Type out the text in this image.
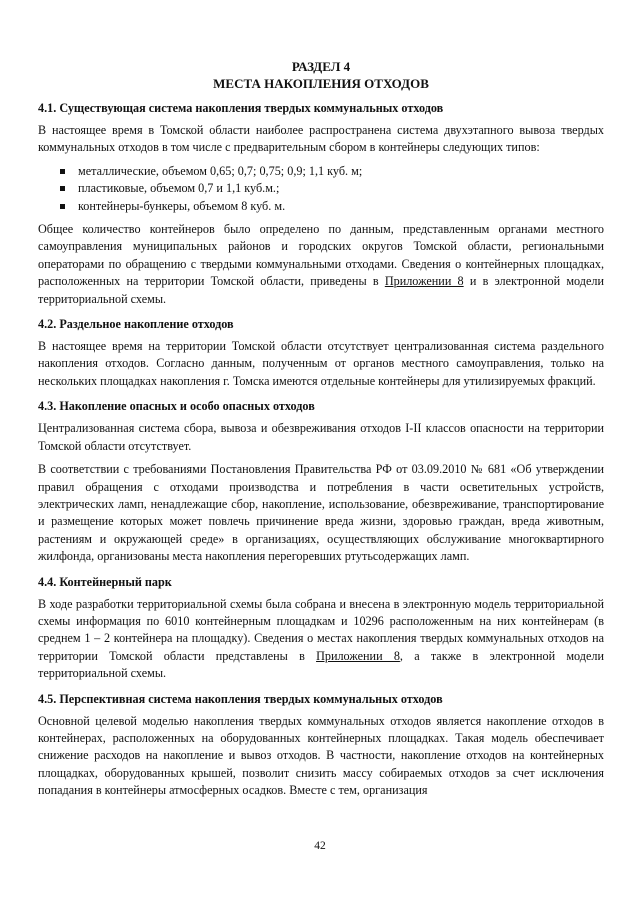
РАЗДЕЛ 4
МЕСТА НАКОПЛЕНИЯ ОТХОДОВ
4.1. Существующая система накопления твердых коммунальных отходов

В настоящее время в Томской области наиболее распространена система двухэтапного вывоза твердых коммунальных отходов в том числе с предварительным сбором в контейнеры следующих типов:

металлические, объемом 0,65; 0,7; 0,75; 0,9; 1,1 куб. м;
пластиковые, объемом 0,7 и 1,1 куб.м.;
контейнеры-бункеры, объемом 8 куб. м.

Общее количество контейнеров было определено по данным, представленным органами местного самоуправления муниципальных районов и городских округов Томской области, региональными операторами по обращению с твердыми коммунальными отходами. Сведения о контейнерных площадках, расположенных на территории Томской области, приведены в Приложении 8 и в электронной модели территориальной схемы.

4.2. Раздельное накопление отходов

В настоящее время на территории Томской области отсутствует централизованная система раздельного накопления отходов. Согласно данным, полученным от органов местного самоуправления, только на нескольких площадках накопления г. Томска имеются отдельные контейнеры для утилизируемых фракций.

4.3. Накопление опасных и особо опасных отходов

Централизованная система сбора, вывоза и обезвреживания отходов I-II классов опасности на территории Томской области отсутствует.

В соответствии с требованиями Постановления Правительства РФ от 03.09.2010 № 681 «Об утверждении правил обращения с отходами производства и потребления в части осветительных устройств, электрических ламп, ненадлежащие сбор, накопление, использование, обезвреживание, транспортирование и размещение которых может повлечь причинение вреда жизни, здоровью граждан, вреда животным, растениям и окружающей среде» в организациях, осуществляющих обслуживание многоквартирного жилфонда, организованы места накопления перегоревших ртутьсодержащих ламп.

4.4. Контейнерный парк

В ходе разработки территориальной схемы была собрана и внесена в электронную модель территориальной схемы информация по 6010 контейнерным площадкам и 10296 расположенным на них контейнерам (в среднем 1 – 2 контейнера на площадку). Сведения о местах накопления твердых коммунальных отходов на территории Томской области представлены в Приложении 8, а также в электронной модели территориальной схемы.

4.5. Перспективная система накопления твердых коммунальных отходов

Основной целевой моделью накопления твердых коммунальных отходов является накопление отходов в контейнерах, расположенных на оборудованных контейнерных площадках. Такая модель обеспечивает снижение расходов на накопление и вывоз отходов. В частности, накопление отходов на контейнерных площадках, оборудованных крышей, позволит снизить массу собираемых отходов за счет исключения попадания в контейнеры атмосферных осадков. Вместе с тем, организация

42
